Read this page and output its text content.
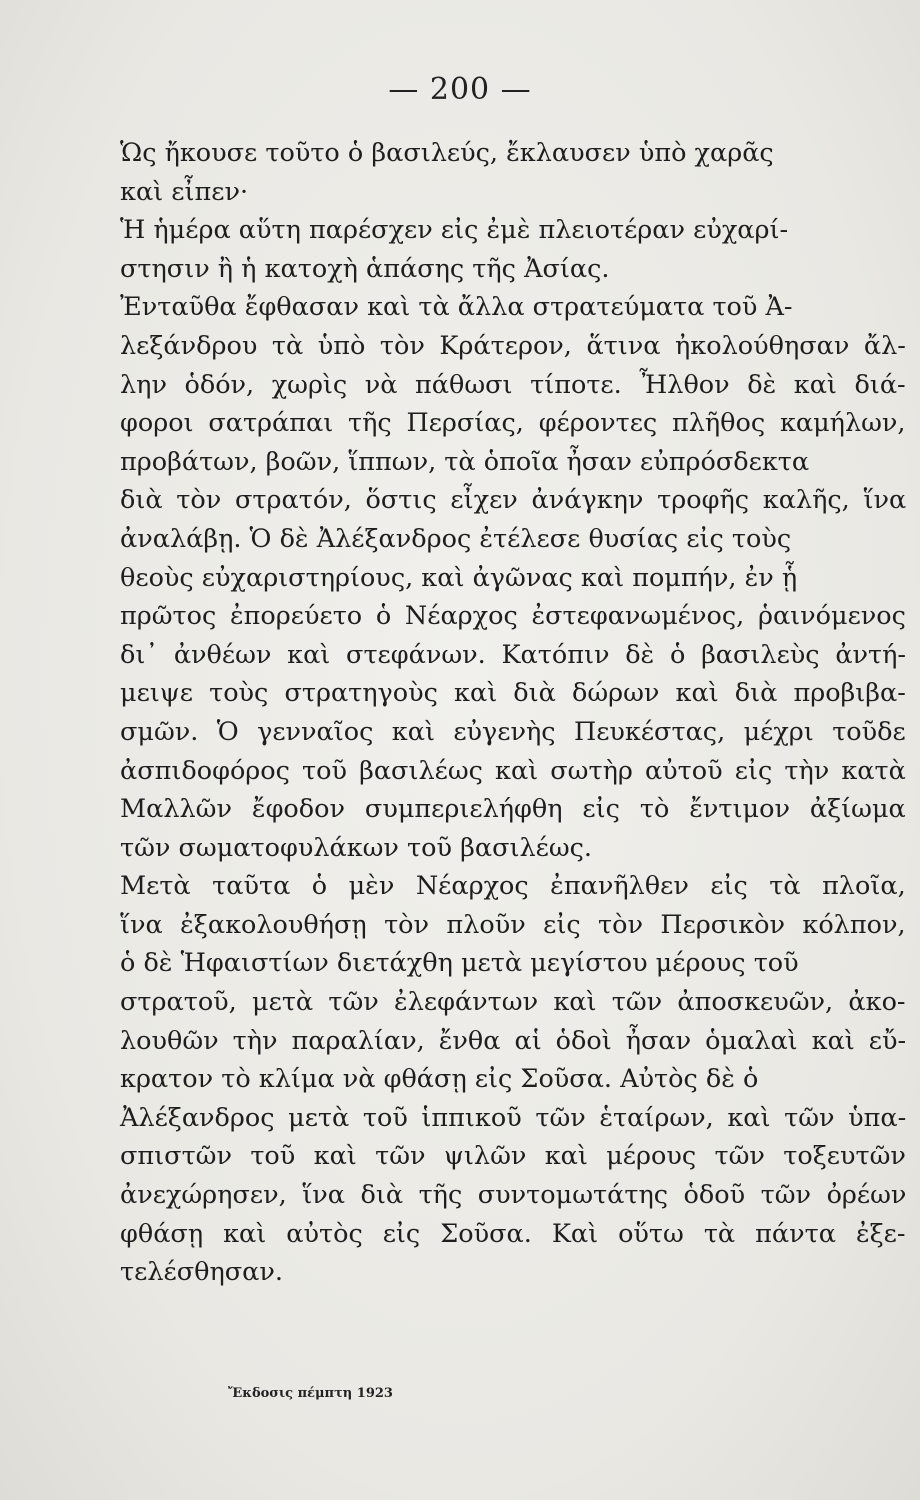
— 200 —
Ὡς ἤκουσε τοῦτο ὁ βασιλεύς, ἔκλαυσεν ὑπὸ χαρᾶς
καὶ εἶπεν·
Ἡ ἡμέρα αὕτη παρέσχεν εἰς ἐμὲ πλειοτέραν εὐχαρί-
στησιν ἢ ἡ κατοχὴ ἁπάσης τῆς Ἀσίας.
Ἐνταῦθα ἔφθασαν καὶ τὰ ἄλλα στρατεύματα τοῦ Ἀ-
λεξάνδρου τὰ ὑπὸ τὸν Κράτερον, ἅτινα ἠκολούθησαν ἄλ-
λην ὁδόν, χωρὶς νὰ πάθωσι τίποτε. Ἦλθον δὲ καὶ διά-
φοροι σατράπαι τῆς Περσίας, φέροντες πλῆθος καμήλων,
προβάτων, βοῶν, ἵππων, τὰ ὁποῖα ἦσαν εὐπρόσδεκτα
διὰ τὸν στρατόν, ὅστις εἶχεν ἀνάγκην τροφῆς καλῆς, ἵνα
ἀναλάβῃ. Ὁ δὲ Ἀλέξανδρος ἐτέλεσε θυσίας εἰς τοὺς
θεοὺς εὐχαριστηρίους, καὶ ἀγῶνας καὶ πομπήν, ἐν ᾗ
πρῶτος ἐπορεύετο ὁ Νέαρχος ἐστεφανωμένος, ῥαινόμενος
δι᾿ ἀνθέων καὶ στεφάνων. Κατόπιν δὲ ὁ βασιλεὺς ἀντή-
μειψε τοὺς στρατηγοὺς καὶ διὰ δώρων καὶ διὰ προβιβα-
σμῶν. Ὁ γενναῖος καὶ εὐγενὴς Πευκέστας, μέχρι τοῦδε
ἀσπιδοφόρος τοῦ βασιλέως καὶ σωτὴρ αὐτοῦ εἰς τὴν κατὰ
Μαλλῶν ἔφοδον συμπεριελήφθη εἰς τὸ ἔντιμον ἀξίωμα
τῶν σωματοφυλάκων τοῦ βασιλέως.
Μετὰ ταῦτα ὁ μὲν Νέαρχος ἐπανῆλθεν εἰς τὰ πλοῖα,
ἵνα ἐξακολουθήσῃ τὸν πλοῦν εἰς τὸν Περσικὸν κόλπον,
ὁ δὲ Ἡφαιστίων διετάχθη μετὰ μεγίστου μέρους τοῦ
στρατοῦ, μετὰ τῶν ἐλεφάντων καὶ τῶν ἀποσκευῶν, ἀκο-
λουθῶν τὴν παραλίαν, ἔνθα αἱ ὁδοὶ ἦσαν ὁμαλαὶ καὶ εὔ-
κρατον τὸ κλίμα νὰ φθάσῃ εἰς Σοῦσα. Αὐτὸς δὲ ὁ
Ἀλέξανδρος μετὰ τοῦ ἱππικοῦ τῶν ἑταίρων, καὶ τῶν ὑπα-
σπιστῶν τοῦ καὶ τῶν ψιλῶν καὶ μέρους τῶν τοξευτῶν
ἀνεχώρησεν, ἵνα διὰ τῆς συντομωτάτης ὁδοῦ τῶν ὀρέων
φθάσῃ καὶ αὐτὸς εἰς Σοῦσα. Καὶ οὕτω τὰ πάντα ἐξε-
τελέσθησαν.
Ἔκδοσις πέμπτη 1923
